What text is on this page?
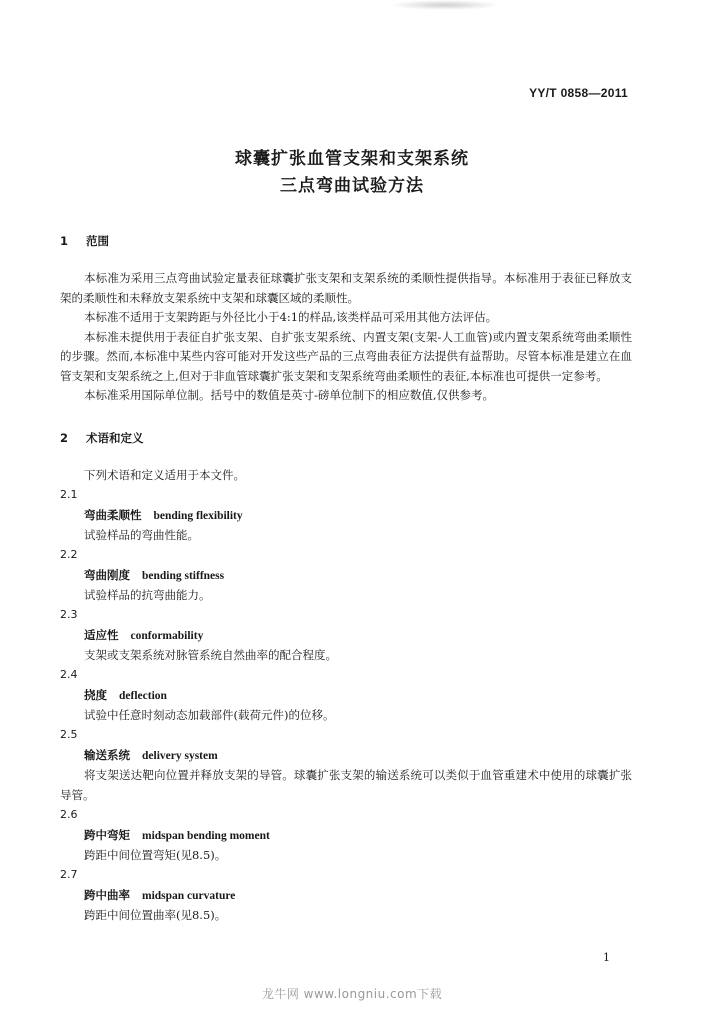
YY/T 0858—2011
球囊扩张血管支架和支架系统
三点弯曲试验方法
1 范围

本标准为采用三点弯曲试验定量表征球囊扩张支架和支架系统的柔顺性提供指导。本标准用于表征已释放支架的柔顺性和未释放支架系统中支架和球囊区域的柔顺性。

本标准不适用于支架跨距与外径比小于4:1的样品,该类样品可采用其他方法评估。

本标准未提供用于表征自扩张支架、自扩张支架系统、内置支架(支架-人工血管)或内置支架系统弯曲柔顺性的步骤。然而,本标准中某些内容可能对开发这些产品的三点弯曲表征方法提供有益帮助。尽管本标准是建立在血管支架和支架系统之上,但对于非血管球囊扩张支架和支架系统弯曲柔顺性的表征,本标准也可提供一定参考。

本标准采用国际单位制。括号中的数值是英寸-磅单位制下的相应数值,仅供参考。

2 术语和定义

下列术语和定义适用于本文件。

2.1
弯曲柔顺性 bending flexibility

试验样品的弯曲性能。

2.2
弯曲刚度 bending stiffness

试验样品的抗弯曲能力。

2.3
适应性 conformability

支架或支架系统对脉管系统自然曲率的配合程度。

2.4
挠度 deflection

试验中任意时刻动态加载部件(载荷元件)的位移。

2.5
输送系统 delivery system

将支架送达靶向位置并释放支架的导管。球囊扩张支架的输送系统可以类似于血管重建术中使用的球囊扩张导管。

2.6
跨中弯矩 midspan bending moment

跨距中间位置弯矩(见8.5)。

2.7
跨中曲率 midspan curvature

跨距中间位置曲率(见8.5)。

1
龙牛网 www.longniu.com下载
